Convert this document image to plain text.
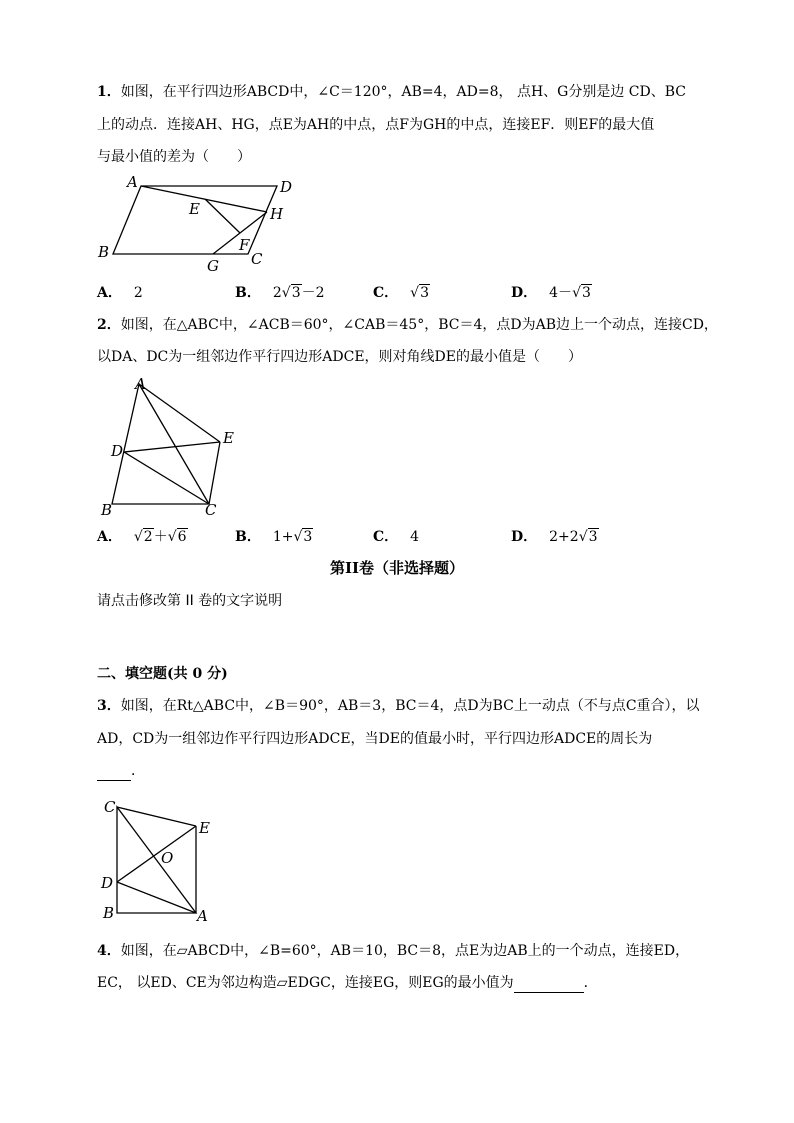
1．如图，在平行四边形ABCD中，∠C＝120°，AB=4，AD=8， 点H、G分别是边 CD、BC
上的动点．连接AH、HG，点E为AH的中点，点F为GH的中点，连接EF．则EF的最大值
与最小值的差为（　　）
A	D
E	H
F
B
G C
A． 2	B． 2√3－2	C． √3	D． 4－√3
2．如图，在△ABC中，∠ACB＝60°，∠CAB＝45°，BC＝4，点D为AB边上一个动点，连接CD，
以DA、DC为一组邻边作平行四边形ADCE，则对角线DE的最小值是（　　）
A
E
D
B	C
A． √2＋√6	B． 1+√3	C． 4	D． 2+2√3
第II卷（非选择题）
请点击修改第 II 卷的文字说明
二、填空题(共 0 分)
3．如图，在Rt△ABC中，∠B＝90°，AB＝3，BC＝4，点D为BC上一动点（不与点C重合），以
AD，CD为一组邻边作平行四边形ADCE，当DE的值最小时，平行四边形ADCE的周长为
．
C
E
O
D
B	A
4．如图，在▱ABCD中，∠B=60°，AB＝10，BC＝8，点E为边AB上的一个动点，连接ED，
EC， 以ED、CE为邻边构造▱EDGC，连接EG，则EG的最小值为	．
